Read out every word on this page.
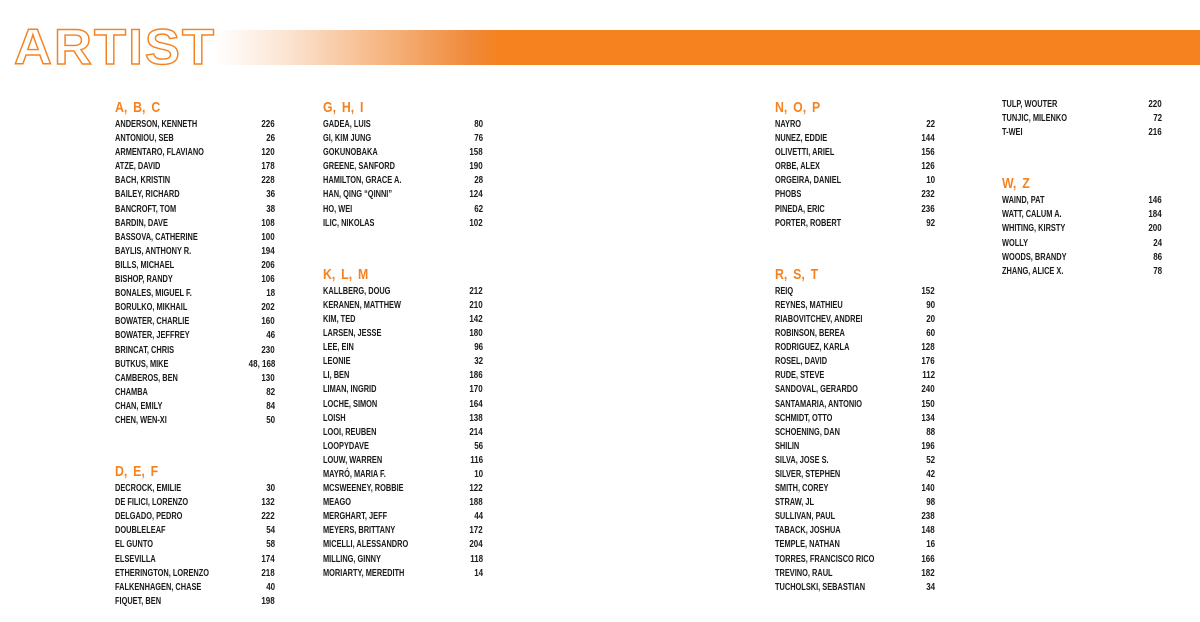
ARTIST
A, B, C
ANDERSON, KENNETH	226
ANTONIOU, SEB	26
ARMENTARO, FLAVIANO	120
ATZE, DAVID	178
BACH, KRISTIN	228
BAILEY, RICHARD	36
BANCROFT, TOM	38
BARDIN, DAVE	108
BASSOVA, CATHERINE	100
BAYLIS, ANTHONY R.	194
BILLS, MICHAEL	206
BISHOP, RANDY	106
BONALES, MIGUEL F.	18
BORULKO, MIKHAIL	202
BOWATER, CHARLIE	160
BOWATER, JEFFREY	46
BRINCAT, CHRIS	230
BUTKUS, MIKE	48, 168
CAMBEROS, BEN	130
CHAMBA	82
CHAN, EMILY	84
CHEN, WEN-XI	50
D, E, F
DECROCK, EMILIE	30
DE FILICI, LORENZO	132
DELGADO, PEDRO	222
DOUBLELEAF	54
EL GUNTO	58
ELSEVILLA	174
ETHERINGTON, LORENZO	218
FALKENHAGEN, CHASE	40
FIQUET, BEN	198
G, H, I
GADEA, LUIS	80
GI, KIM JUNG	76
GOKUNOBAKA	158
GREENE, SANFORD	190
HAMILTON, GRACE A.	28
HAN, QING “QINNI”	124
HO, WEI	62
ILIC, NIKOLAS	102
K, L, M
KALLBERG, DOUG	212
KERANEN, MATTHEW	210
KIM, TED	142
LARSEN, JESSE	180
LEE, EIN	96
LEONIE	32
LI, BEN	186
LIMAN, INGRID	170
LOCHE, SIMON	164
LOISH	138
LOOI, REUBEN	214
LOOPYDAVE	56
LOUW, WARREN	116
MAYRÓ, MARIA F.	10
MCSWEENEY, ROBBIE	122
MEAGO	188
MERGHART, JEFF	44
MEYERS, BRITTANY	172
MICELLI, ALESSANDRO	204
MILLING, GINNY	118
MORIARTY, MEREDITH	14
N, O, P
NAYRO	22
NUNEZ, EDDIE	144
OLIVETTI, ARIEL	156
ORBE, ALEX	126
ORGEIRA, DANIEL	10
PHOBS	232
PINEDA, ERIC	236
PORTER, ROBERT	92
R, S, T
REIQ	152
REYNES, MATHIEU	90
RIABOVITCHEV, ANDREI	20
ROBINSON, BEREA	60
RODRIGUEZ, KARLA	128
ROSEL, DAVID	176
RUDE, STEVE	112
SANDOVAL, GERARDO	240
SANTAMARIA, ANTONIO	150
SCHMIDT, OTTO	134
SCHOENING, DAN	88
SHILIN	196
SILVA, JOSE S.	52
SILVER, STEPHEN	42
SMITH, COREY	140
STRAW, JL	98
SULLIVAN, PAUL	238
TABACK, JOSHUA	148
TEMPLE, NATHAN	16
TORRES, FRANCISCO RICO	166
TREVINO, RAUL	182
TUCHOLSKI, SEBASTIAN	34
TULP, WOUTER	220
TUNJIC, MILENKO	72
T-WEI	216
W, Z
WAIND, PAT	146
WATT, CALUM A.	184
WHITING, KIRSTY	200
WOLLY	24
WOODS, BRANDY	86
ZHANG, ALICE X.	78
